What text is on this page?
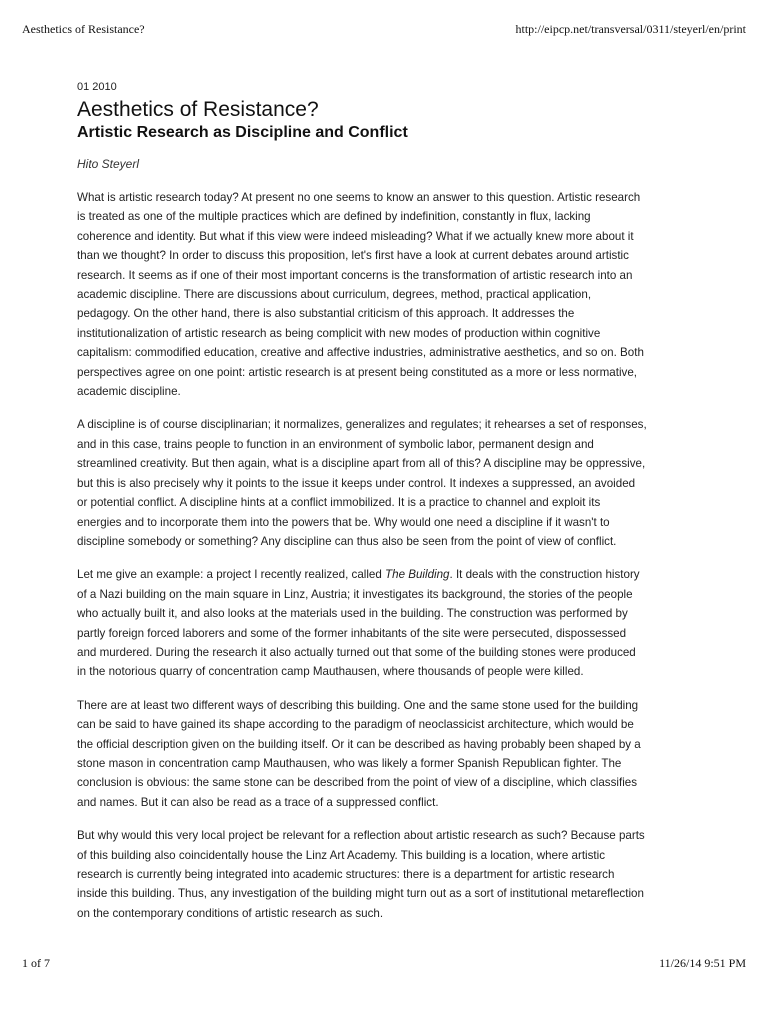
Aesthetics of Resistance?	http://eipcp.net/transversal/0311/steyerl/en/print
01 2010
Aesthetics of Resistance?
Artistic Research as Discipline and Conflict
Hito Steyerl

What is artistic research today? At present no one seems to know an answer to this question. Artistic research
is treated as one of the multiple practices which are defined by indefinition, constantly in flux, lacking
coherence and identity. But what if this view were indeed misleading? What if we actually knew more about it
than we thought? In order to discuss this proposition, let's first have a look at current debates around artistic
research. It seems as if one of their most important concerns is the transformation of artistic research into an
academic discipline. There are discussions about curriculum, degrees, method, practical application,
pedagogy. On the other hand, there is also substantial criticism of this approach. It addresses the
institutionalization of artistic research as being complicit with new modes of production within cognitive
capitalism: commodified education, creative and affective industries, administrative aesthetics, and so on. Both
perspectives agree on one point: artistic research is at present being constituted as a more or less normative,
academic discipline.

A discipline is of course disciplinarian; it normalizes, generalizes and regulates; it rehearses a set of responses,
and in this case, trains people to function in an environment of symbolic labor, permanent design and
streamlined creativity. But then again, what is a discipline apart from all of this? A discipline may be oppressive,
but this is also precisely why it points to the issue it keeps under control. It indexes a suppressed, an avoided
or potential conflict. A discipline hints at a conflict immobilized. It is a practice to channel and exploit its
energies and to incorporate them into the powers that be. Why would one need a discipline if it wasn't to
discipline somebody or something? Any discipline can thus also be seen from the point of view of conflict.

Let me give an example: a project I recently realized, called The Building. It deals with the construction history
of a Nazi building on the main square in Linz, Austria; it investigates its background, the stories of the people
who actually built it, and also looks at the materials used in the building. The construction was performed by
partly foreign forced laborers and some of the former inhabitants of the site were persecuted, dispossessed
and murdered. During the research it also actually turned out that some of the building stones were produced
in the notorious quarry of concentration camp Mauthausen, where thousands of people were killed.

There are at least two different ways of describing this building. One and the same stone used for the building
can be said to have gained its shape according to the paradigm of neoclassicist architecture, which would be
the official description given on the building itself. Or it can be described as having probably been shaped by a
stone mason in concentration camp Mauthausen, who was likely a former Spanish Republican fighter. The
conclusion is obvious: the same stone can be described from the point of view of a discipline, which classifies
and names. But it can also be read as a trace of a suppressed conflict.

But why would this very local project be relevant for a reflection about artistic research as such? Because parts
of this building also coincidentally house the Linz Art Academy. This building is a location, where artistic
research is currently being integrated into academic structures: there is a department for artistic research
inside this building. Thus, any investigation of the building might turn out as a sort of institutional metareflection
on the contemporary conditions of artistic research as such.

1 of 7	11/26/14 9:51 PM
